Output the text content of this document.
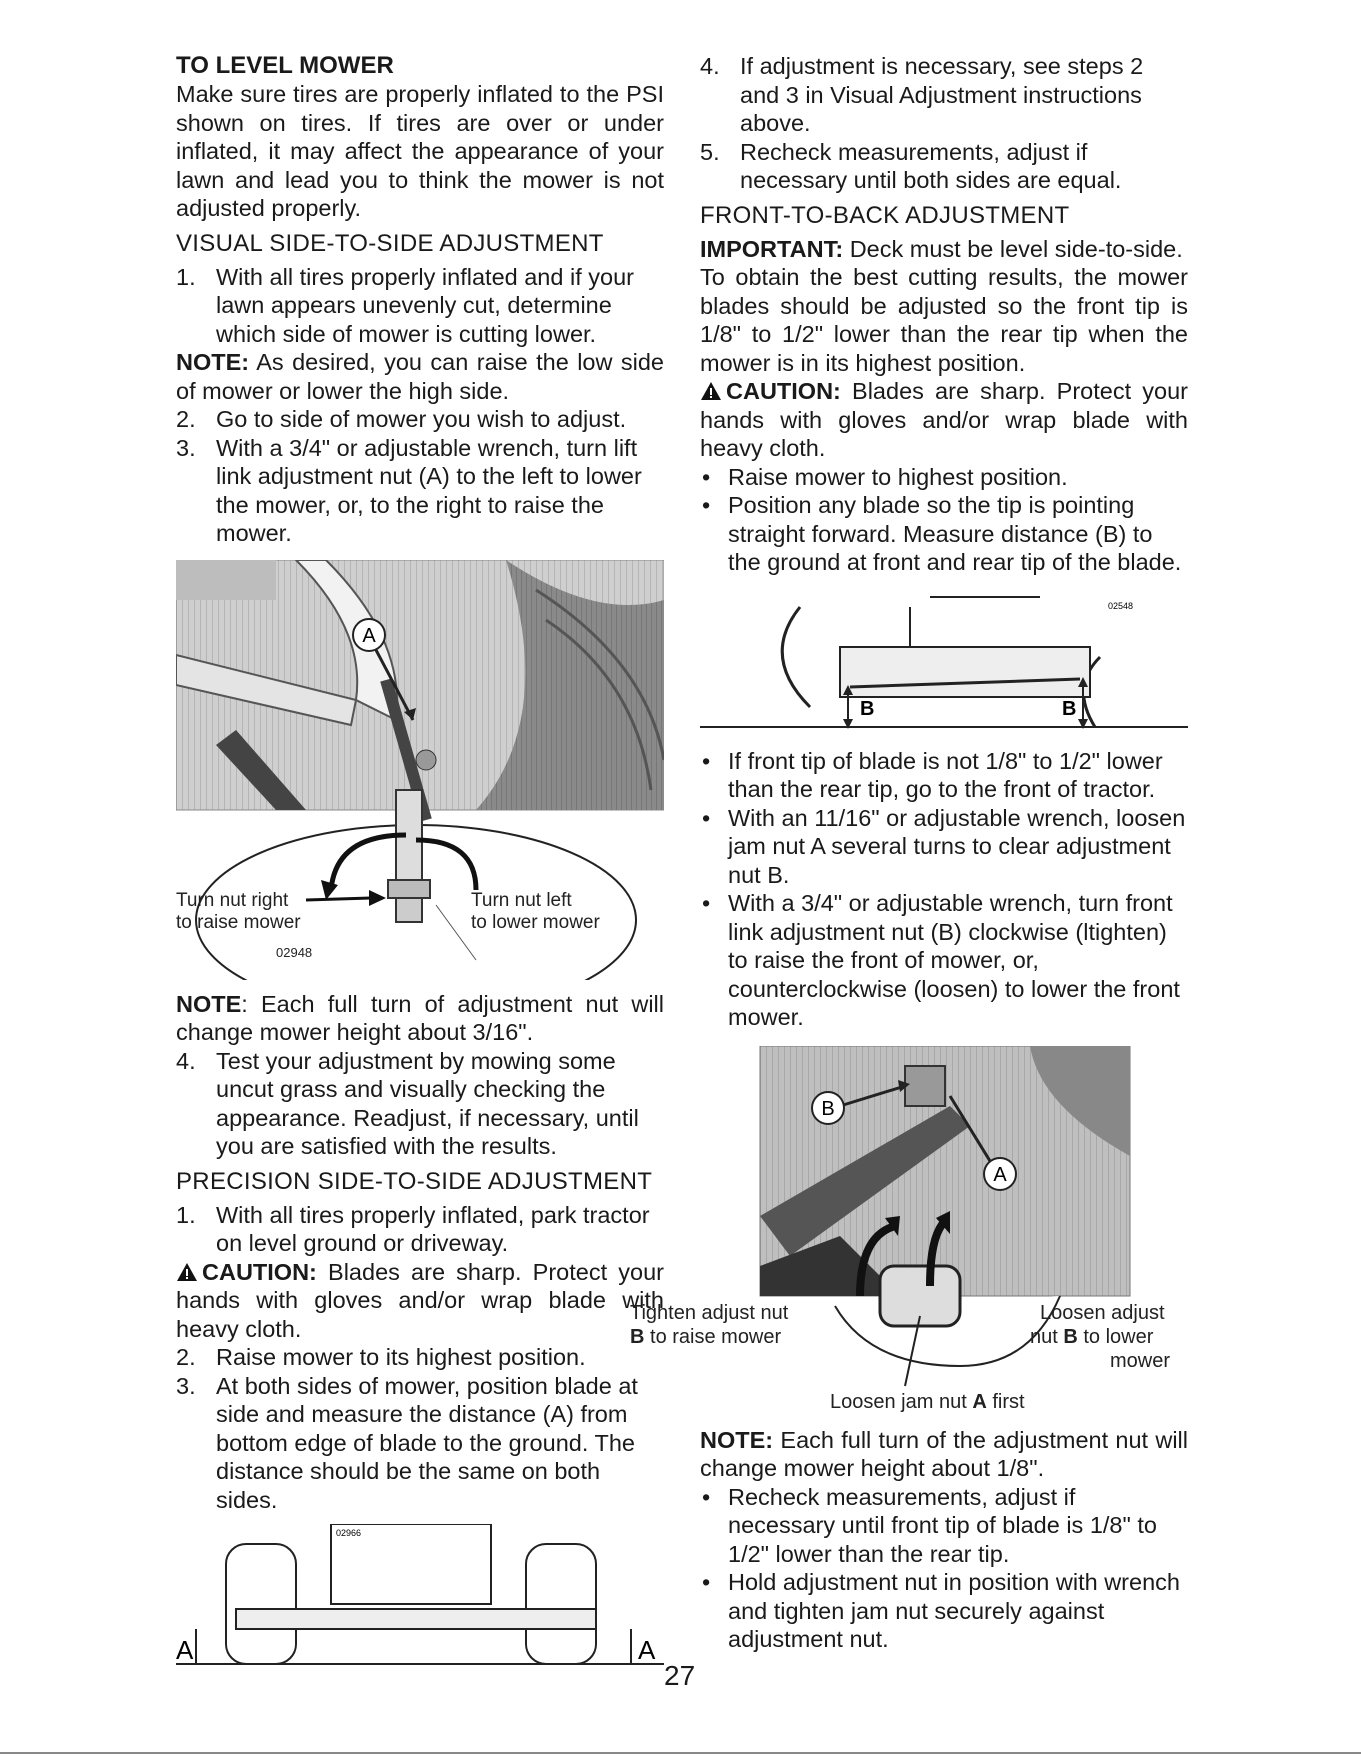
TO LEVEL MOWER

Make sure tires are properly inflated to the PSI shown on tires. If tires are over or under inflated, it may affect the appearance of your lawn and lead you to think the mower is not adjusted properly.

VISUAL SIDE-TO-SIDE ADJUSTMENT
1. With all tires properly inflated and if your lawn appears unevenly cut, determine which side of mower is cutting lower.

NOTE: As desired, you can raise the low side of mower or lower the high side.

2. Go to side of mower you wish to adjust.
3. With a 3/4" or adjustable wrench, turn lift link adjustment nut (A) to the left to lower the mower, or, to the right to raise the mower.
A
Turn nut right
to raise mower
Turn nut left
to lower mower
02948

NOTE: Each full turn of adjustment nut will change mower height about 3/16".

4. Test your adjustment by mowing some uncut grass and visually checking the appearance. Readjust, if necessary, until you are satisfied with the results.
PRECISION SIDE-TO-SIDE ADJUSTMENT
1. With all tires properly inflated, park tractor on level ground or driveway.

CAUTION: Blades are sharp. Protect your hands with gloves and/or wrap blade with heavy cloth.

2. Raise mower to its highest position.
3. At both sides of mower, position blade at side and measure the distance (A) from bottom edge of blade to the ground. The distance should be the same on both sides.
A	A
02966
4. If adjustment is necessary, see steps 2 and 3 in Visual Adjustment instructions above.
5. Recheck measurements, adjust if necessary until both sides are equal.
FRONT-TO-BACK ADJUSTMENT

IMPORTANT: Deck must be level side-to-side.

To obtain the best cutting results, the mower blades should be adjusted so the front tip is 1/8" to 1/2" lower than the rear tip when the mower is in its highest position.

CAUTION: Blades are sharp. Protect your hands with gloves and/or wrap blade with heavy cloth.

• Raise mower to highest position.
• Position any blade so the tip is pointing straight forward. Measure distance (B) to the ground at front and rear tip of the blade.
B	B
02548
• If front tip of blade is not 1/8" to 1/2" lower than the rear tip, go to the front of tractor.
• With an 11/16" or adjustable wrench, loosen jam nut A several turns to clear adjustment nut B.
• With a 3/4" or adjustable wrench, turn front link adjustment nut (B) clockwise (ltighten) to raise the front of mower, or, counterclockwise (loosen) to lower the front mower.
B
A
Tighten adjust nut
B to raise mower
Loosen adjust
nut B to lower
mower
Loosen jam nut A first

NOTE: Each full turn of the adjustment nut will change mower height about 1/8".

• Recheck measurements, adjust if necessary until front tip of blade is 1/8" to 1/2" lower than the rear tip.
• Hold adjustment nut in position with wrench and tighten jam nut securely against adjustment nut.
27
